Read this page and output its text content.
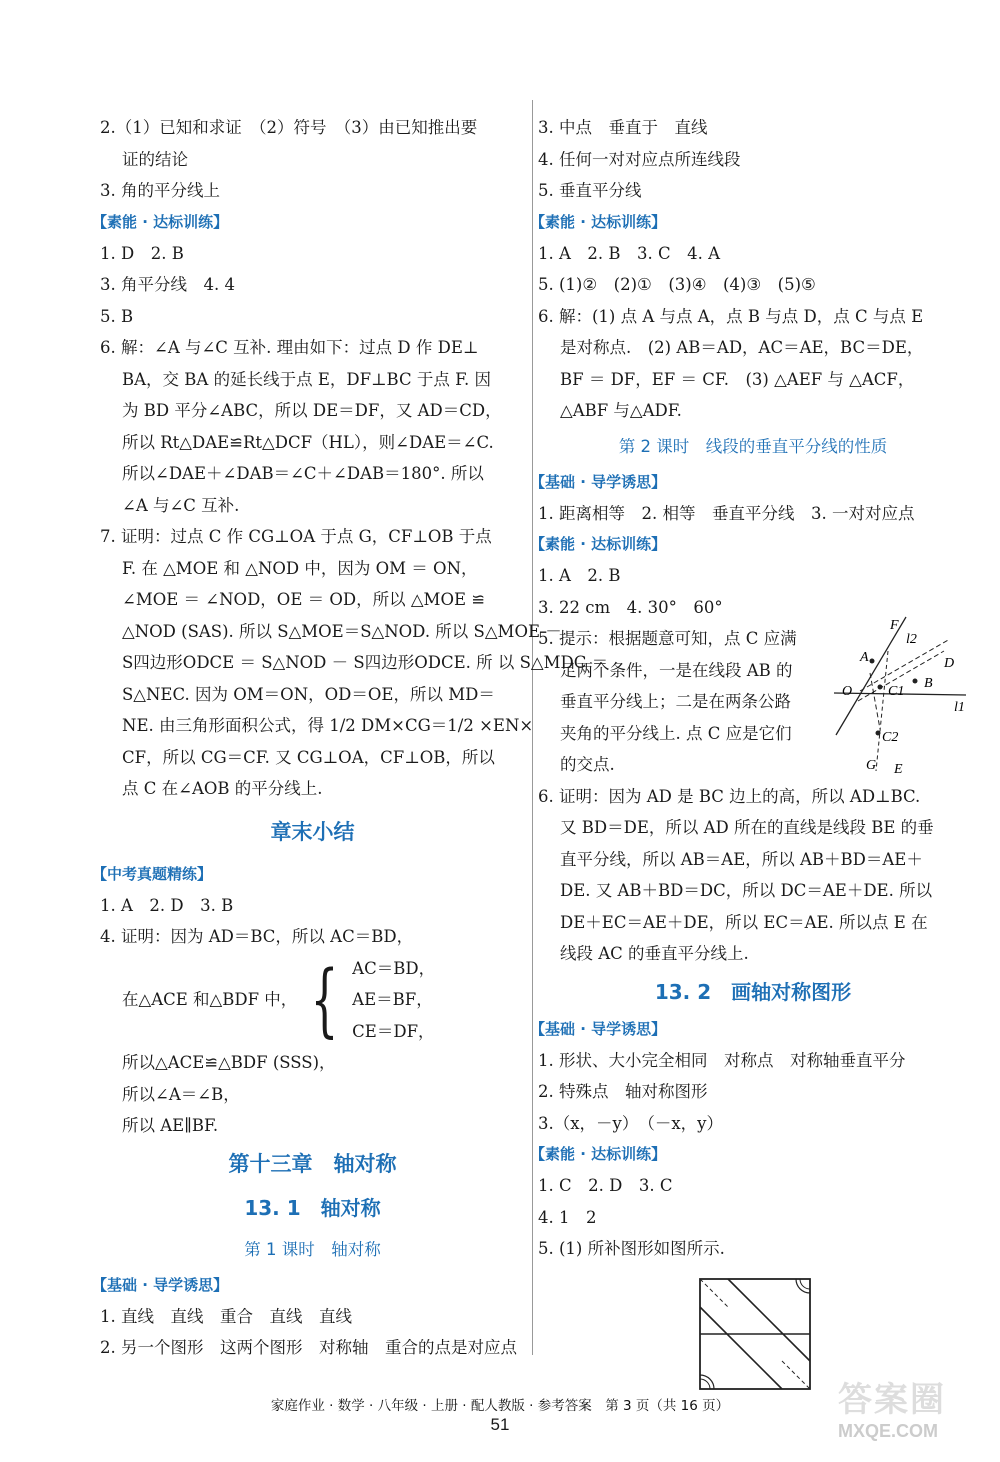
2.（1）已知和求证　（2）符号　（3）由已知推出要
证的结论
3. 角的平分线上
【素能 · 达标训练】
1. D　2. B
3. 角平分线　4. 4
5. B
6. 解：∠A 与∠C 互补. 理由如下：过点 D 作 DE⊥
BA，交 BA 的延长线于点 E，DF⊥BC 于点 F. 因
为 BD 平分∠ABC，所以 DE＝DF，又 AD＝CD，
所以 Rt△DAE≌Rt△DCF（HL），则∠DAE＝∠C.
所以∠DAE＋∠DAB＝∠C＋∠DAB＝180°. 所以
∠A 与∠C 互补.
7. 证明：过点 C 作 CG⊥OA 于点 G，CF⊥OB 于点
F. 在 △MOE 和 △NOD 中，因为 OM ＝ ON，
∠MOE ＝ ∠NOD，OE ＝ OD，所以 △MOE ≌
△NOD (SAS). 所以 S△MOE＝S△NOD. 所以 S△MOE －
S四边形ODCE ＝ S△NOD － S四边形ODCE. 所 以 S△MDC ＝
S△NEC. 因为 OM＝ON，OD＝OE，所以 MD＝
NE. 由三角形面积公式，得 1/2 DM×CG＝1/2 ×EN×
CF，所以 CG＝CF. 又 CG⊥OA，CF⊥OB，所以
点 C 在∠AOB 的平分线上.
章末小结
【中考真题精练】
1. A　2. D　3. B
4. 证明：因为 AD＝BC，所以 AC＝BD，
在△ACE 和△BDF 中， { AC＝BD，
AE＝BF，
CE＝DF，
所以△ACE≌△BDF (SSS)，
所以∠A＝∠B，
所以 AE∥BF.
第十三章　轴对称
13. 1　轴对称
第 1 课时　轴对称
【基础 · 导学诱思】
1. 直线　直线　重合　直线　直线
2. 另一个图形　这两个图形　对称轴　重合的点是对应点
3. 中点　垂直于　直线
4. 任何一对对应点所连线段
5. 垂直平分线
【素能 · 达标训练】
1. A　2. B　3. C　4. A
5. (1)②　(2)①　(3)④　(4)③　(5)⑤
6. 解：(1) 点 A 与点 A，点 B 与点 D，点 C 与点 E
是对称点.　(2) AB＝AD，AC＝AE，BC＝DE，
BF ＝ DF，EF ＝ CF.　(3) △AEF 与 △ACF，
△ABF 与△ADF.
第 2 课时　线段的垂直平分线的性质
【基础 · 导学诱思】
1. 距离相等　2. 相等　垂直平分线　3. 一对对应点
【素能 · 达标训练】
1. A　2. B
3. 22 cm　4. 30°　60°
5. 提示：根据题意可知，点 C 应满
足两个条件，一是在线段 AB 的
垂直平分线上；二是在两条公路
夹角的平分线上. 点 C 应是它们
的交点.
F
l2
A	D
B
O	C1
l1
C2
G E
6. 证明：因为 AD 是 BC 边上的高，所以 AD⊥BC.
又 BD＝DE，所以 AD 所在的直线是线段 BE 的垂
直平分线，所以 AB＝AE，所以 AB＋BD＝AE＋
DE. 又 AB＋BD＝DC，所以 DC＝AE＋DE. 所以
DE＋EC＝AE＋DE，所以 EC＝AE. 所以点 E 在
线段 AC 的垂直平分线上.
13. 2　画轴对称图形
【基础 · 导学诱思】
1. 形状、大小完全相同　对称点　对称轴垂直平分
2. 特殊点　轴对称图形
3.（x，－y）　（－x，y）
【素能 · 达标训练】
1. C　2. D　3. C
4. 1　2
5. (1) 所补图形如图所示.
家庭作业 · 数学 · 八年级 · 上册 · 配人教版 · 参考答案　第 3 页（共 16 页）
51
答案圈
MXQE.COM
